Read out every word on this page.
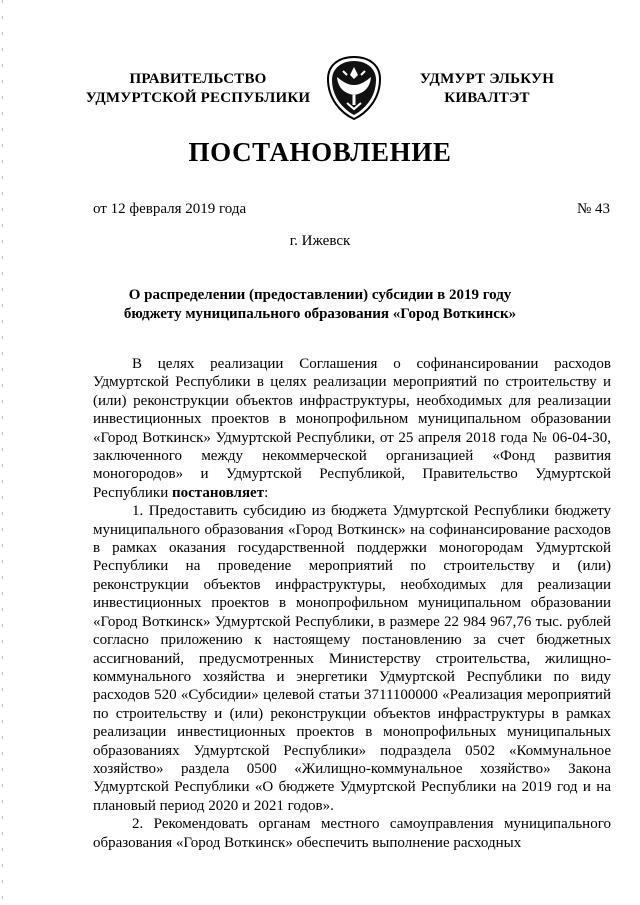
ПРАВИТЕЛЬСТВО
УДМУРТСКОЙ РЕСПУБЛИКИ
УДМУРТ ЭЛЬКУН
КИВАЛТЭТ
ПОСТАНОВЛЕНИЕ
от 12 февраля 2019 года	№ 43
г. Ижевск
О распределении (предоставлении) субсидии в 2019 году
бюджету муниципального образования «Город Воткинск»

В целях реализации Соглашения о софинансировании расходов Удмуртской Республики в целях реализации мероприятий по строительству и (или) реконструкции объектов инфраструктуры, необходимых для реализации инвестиционных проектов в монопрофильном муниципальном образовании «Город Воткинск» Удмуртской Республики, от 25 апреля 2018 года № 06-04-30, заключенного между некоммерческой организацией «Фонд развития моногородов» и Удмуртской Республикой, Правительство Удмуртской Республики постановляет:

1. Предоставить субсидию из бюджета Удмуртской Республики бюджету муниципального образования «Город Воткинск» на софинансирование расходов в рамках оказания государственной поддержки моногородам Удмуртской Республики на проведение мероприятий по строительству и (или) реконструкции объектов инфраструктуры, необходимых для реализации инвестиционных проектов в монопрофильном муниципальном образовании «Город Воткинск» Удмуртской Республики, в размере 22 984 967,76 тыс. рублей согласно приложению к настоящему постановлению за счет бюджетных ассигнований, предусмотренных Министерству строительства, жилищно-коммунального хозяйства и энергетики Удмуртской Республики по виду расходов 520 «Субсидии» целевой статьи 3711100000 «Реализация мероприятий по строительству и (или) реконструкции объектов инфраструктуры в рамках реализации инвестиционных проектов в монопрофильных муниципальных образованиях Удмуртской Республики» подраздела 0502 «Коммунальное хозяйство» раздела 0500 «Жилищно-коммунальное хозяйство» Закона Удмуртской Республики «О бюджете Удмуртской Республики на 2019 год и на плановый период 2020 и 2021 годов».

2. Рекомендовать органам местного самоуправления муниципального образования «Город Воткинск» обеспечить выполнение расходных
